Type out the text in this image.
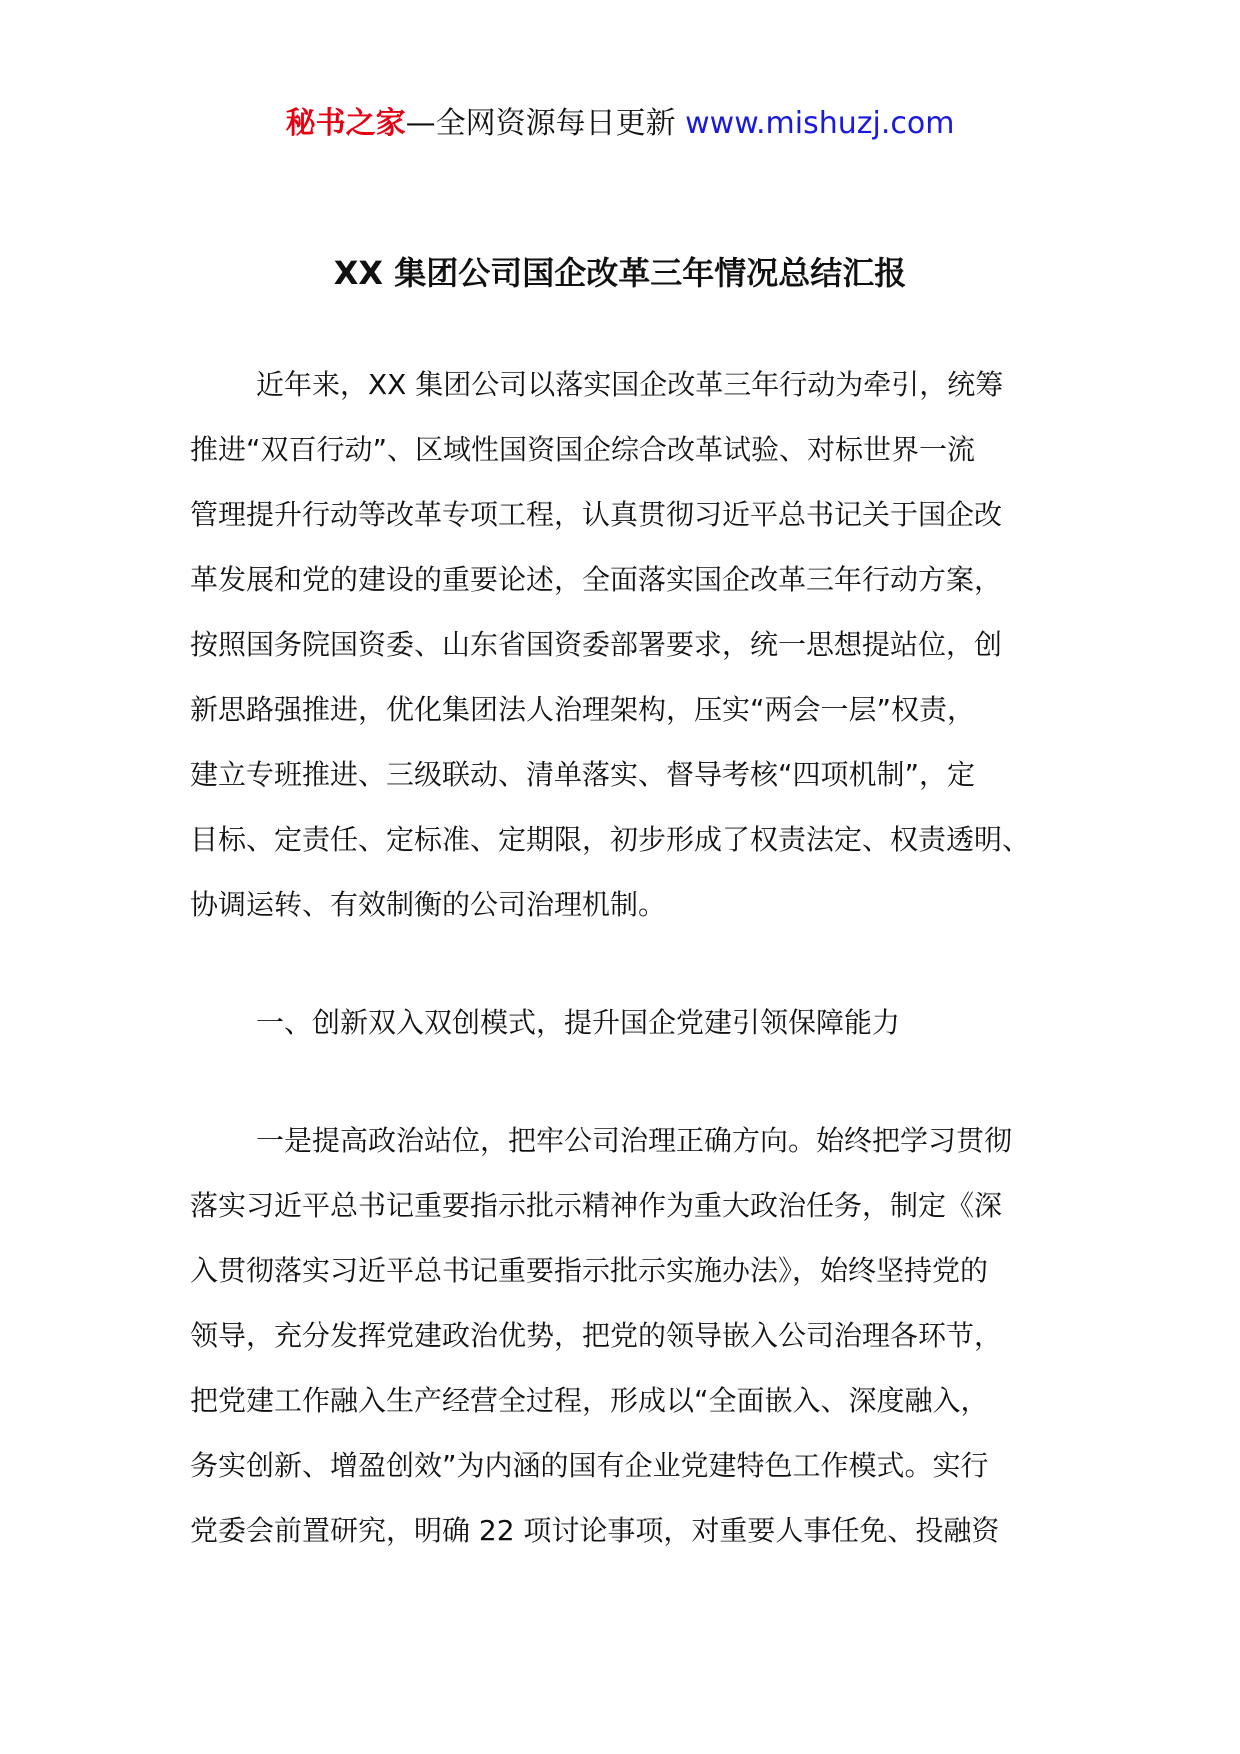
秘书之家—全网资源每日更新 www.mishuzj.com
XX 集团公司国企改革三年情况总结汇报
近年来，XX 集团公司以落实国企改革三年行动为牵引，统筹
推进“双百行动”、区域性国资国企综合改革试验、对标世界一流
管理提升行动等改革专项工程，认真贯彻习近平总书记关于国企改
革发展和党的建设的重要论述，全面落实国企改革三年行动方案，
按照国务院国资委、山东省国资委部署要求，统一思想提站位，创
新思路强推进，优化集团法人治理架构，压实“两会一层”权责，
建立专班推进、三级联动、清单落实、督导考核“四项机制”，定
目标、定责任、定标准、定期限，初步形成了权责法定、权责透明、
协调运转、有效制衡的公司治理机制。
一、创新双入双创模式，提升国企党建引领保障能力
一是提高政治站位，把牢公司治理正确方向。始终把学习贯彻
落实习近平总书记重要指示批示精神作为重大政治任务，制定《深
入贯彻落实习近平总书记重要指示批示实施办法》，始终坚持党的
领导，充分发挥党建政治优势，把党的领导嵌入公司治理各环节，
把党建工作融入生产经营全过程，形成以“全面嵌入、深度融入，
务实创新、增盈创效”为内涵的国有企业党建特色工作模式。实行
党委会前置研究，明确 22 项讨论事项，对重要人事任免、投融资
